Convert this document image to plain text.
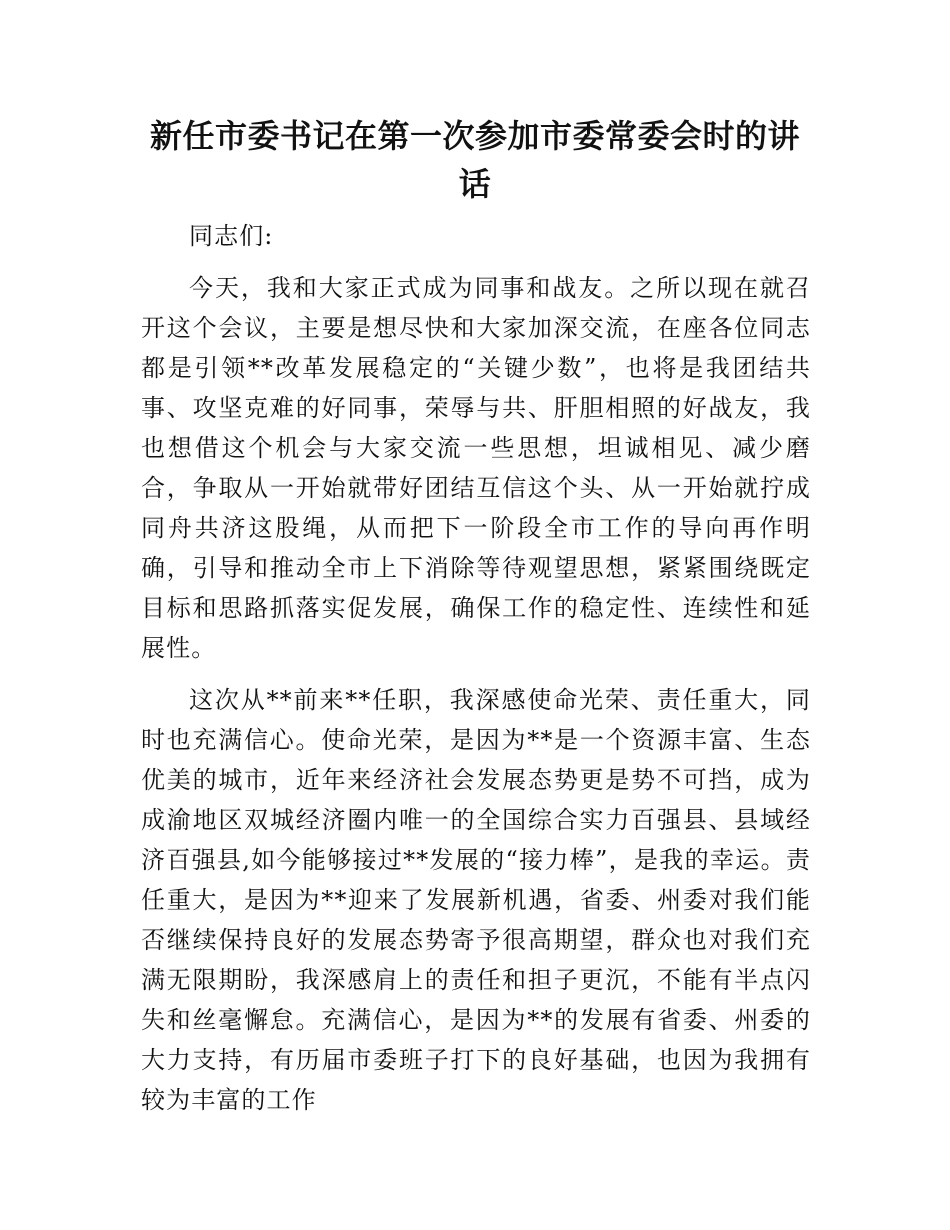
新任市委书记在第一次参加市委常委会时的讲话

同志们:

今天，我和大家正式成为同事和战友。之所以现在就召开这个会议，主要是想尽快和大家加深交流，在座各位同志都是引领**改革发展稳定的“关键少数”，也将是我团结共事、攻坚克难的好同事，荣辱与共、肝胆相照的好战友，我也想借这个机会与大家交流一些思想，坦诚相见、减少磨合，争取从一开始就带好团结互信这个头、从一开始就拧成同舟共济这股绳，从而把下一阶段全市工作的导向再作明确，引导和推动全市上下消除等待观望思想，紧紧围绕既定目标和思路抓落实促发展，确保工作的稳定性、连续性和延展性。

这次从**前来**任职，我深感使命光荣、责任重大，同时也充满信心。使命光荣，是因为**是一个资源丰富、生态优美的城市，近年来经济社会发展态势更是势不可挡，成为成渝地区双城经济圈内唯一的全国综合实力百强县、县域经济百强县,如今能够接过**发展的“接力棒”，是我的幸运。责任重大，是因为**迎来了发展新机遇，省委、州委对我们能否继续保持良好的发展态势寄予很高期望，群众也对我们充满无限期盼，我深感肩上的责任和担子更沉，不能有半点闪失和丝毫懈怠。充满信心，是因为**的发展有省委、州委的大力支持，有历届市委班子打下的良好基础，也因为我拥有较为丰富的工作
